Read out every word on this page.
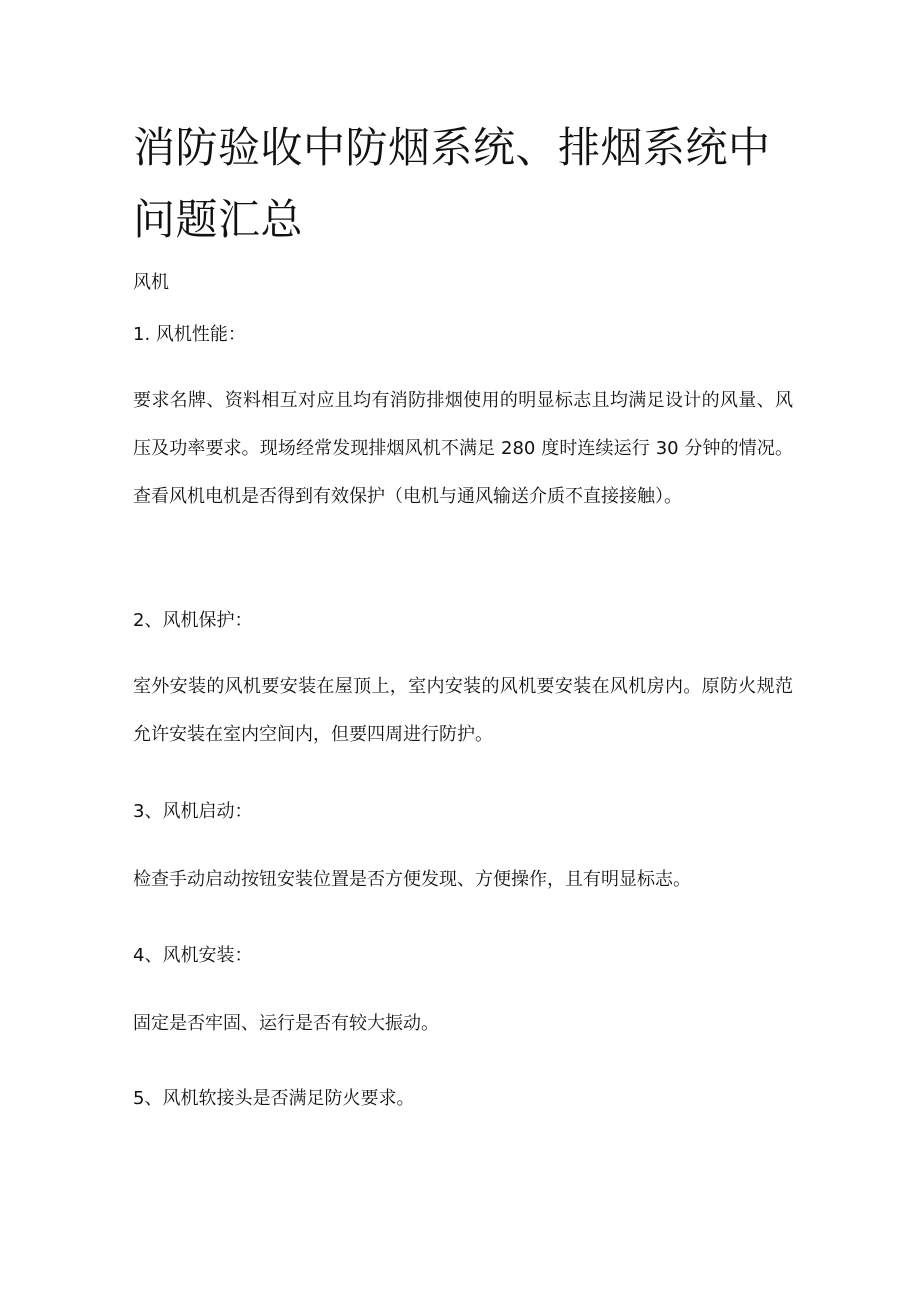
消防验收中防烟系统、排烟系统中问题汇总
风机
1. 风机性能：
要求名牌、资料相互对应且均有消防排烟使用的明显标志且均满足设计的风量、风压及功率要求。现场经常发现排烟风机不满足 280 度时连续运行 30 分钟的情况。查看风机电机是否得到有效保护（电机与通风输送介质不直接接触）。
2、风机保护：
室外安装的风机要安装在屋顶上，室内安装的风机要安装在风机房内。原防火规范允许安装在室内空间内，但要四周进行防护。
3、风机启动：
检查手动启动按钮安装位置是否方便发现、方便操作，且有明显标志。
4、风机安装：
固定是否牢固、运行是否有较大振动。
5、风机软接头是否满足防火要求。
